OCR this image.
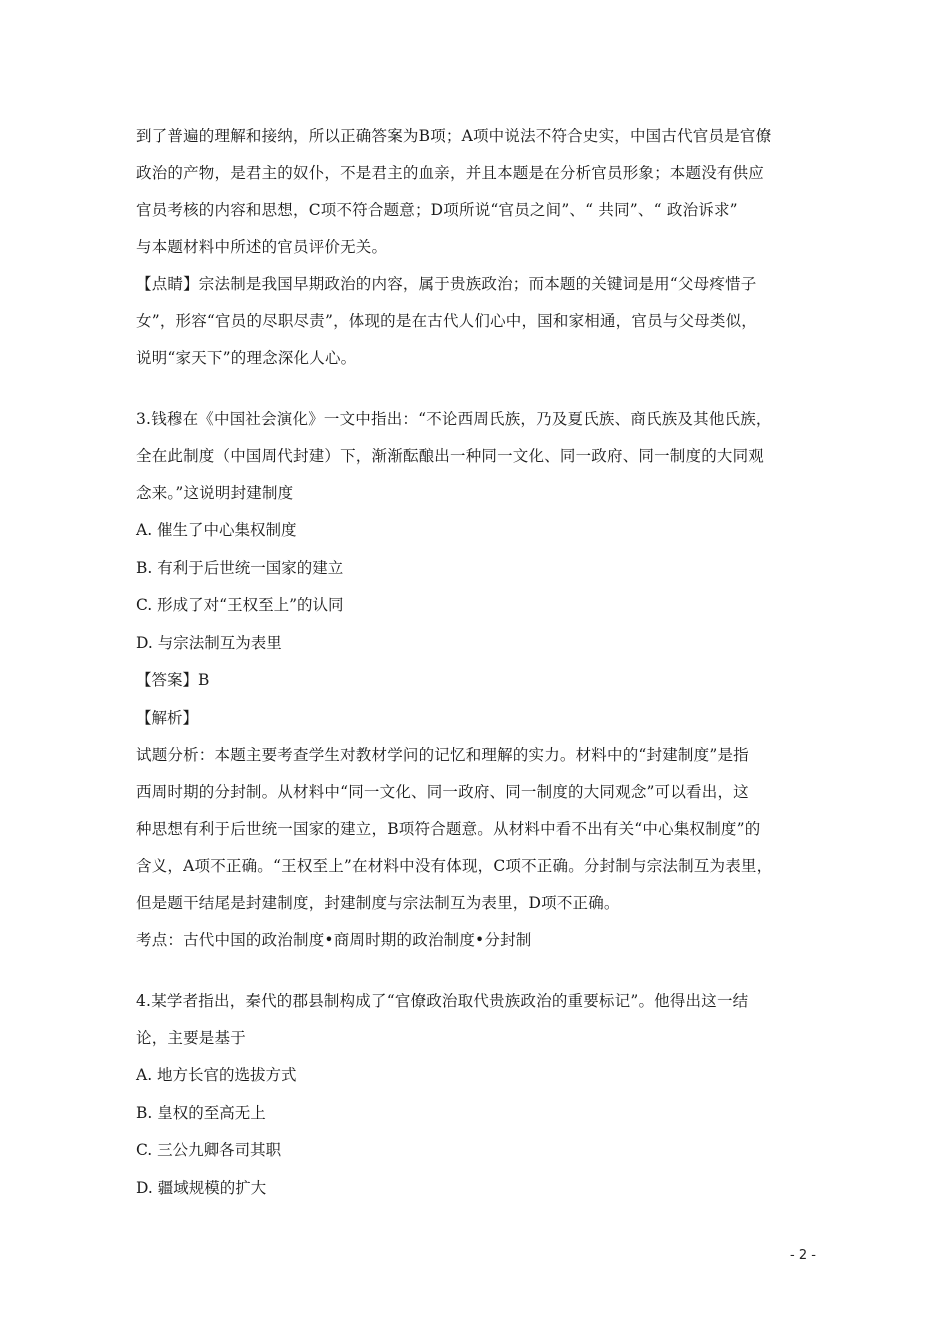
到了普遍的理解和接纳，所以正确答案为B项；A项中说法不符合史实，中国古代官员是官僚
政治的产物，是君主的奴仆，不是君主的血亲，并且本题是在分析官员形象；本题没有供应
官员考核的内容和思想，C项不符合题意；D项所说“官员之间”、“ 共同”、“ 政治诉求”
与本题材料中所述的官员评价无关。
【点睛】宗法制是我国早期政治的内容，属于贵族政治；而本题的关键词是用“父母疼惜子
女”，形容“官员的尽职尽责”，体现的是在古代人们心中，国和家相通，官员与父母类似，
说明“家天下”的理念深化人心。
3.钱穆在《中国社会演化》一文中指出：“不论西周氏族，乃及夏氏族、商氏族及其他氏族，
全在此制度（中国周代封建）下，渐渐酝酿出一种同一文化、同一政府、同一制度的大同观
念来。”这说明封建制度
A. 催生了中心集权制度
B. 有利于后世统一国家的建立
C. 形成了对“王权至上”的认同
D. 与宗法制互为表里
【答案】B
【解析】
试题分析：本题主要考查学生对教材学问的记忆和理解的实力。材料中的“封建制度”是指
西周时期的分封制。从材料中“同一文化、同一政府、同一制度的大同观念”可以看出，这
种思想有利于后世统一国家的建立，B项符合题意。从材料中看不出有关“中心集权制度”的
含义，A项不正确。“王权至上”在材料中没有体现，C项不正确。分封制与宗法制互为表里，
但是题干结尾是封建制度，封建制度与宗法制互为表里，D项不正确。
考点：古代中国的政治制度•商周时期的政治制度•分封制
4.某学者指出，秦代的郡县制构成了“官僚政治取代贵族政治的重要标记”。他得出这一结
论，主要是基于
A. 地方长官的选拔方式
B. 皇权的至高无上
C. 三公九卿各司其职
D. 疆域规模的扩大
- 2 -
